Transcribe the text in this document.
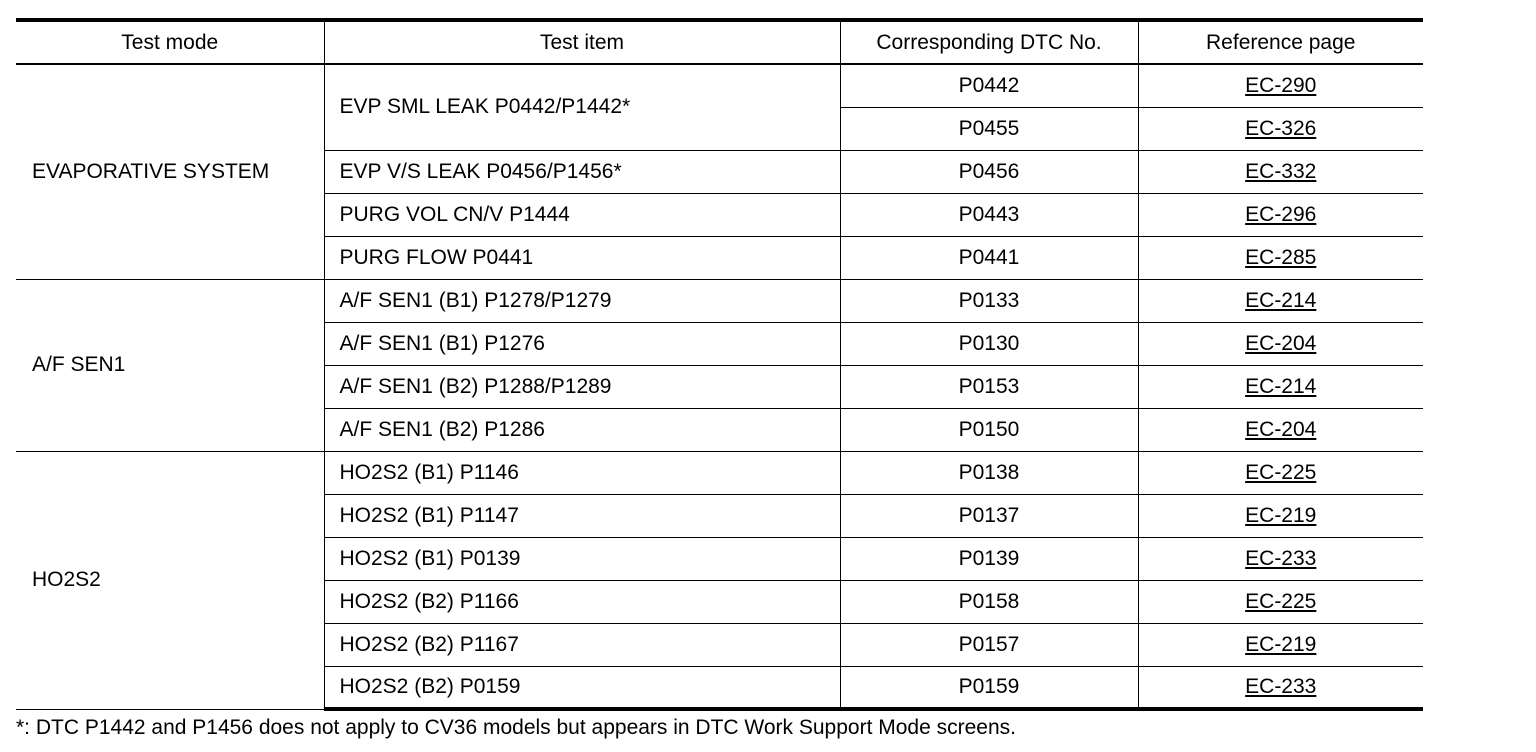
Test mode	Test item	Corresponding DTC No.	Reference page
EVAPORATIVE SYSTEM	EVP SML LEAK P0442/P1442*	P0442	EC-290
		P0455	EC-326
	EVP V/S LEAK P0456/P1456*	P0456	EC-332
	PURG VOL CN/V P1444	P0443	EC-296
	PURG FLOW P0441	P0441	EC-285
A/F SEN1	A/F SEN1 (B1) P1278/P1279	P0133	EC-214
	A/F SEN1 (B1) P1276	P0130	EC-204
	A/F SEN1 (B2) P1288/P1289	P0153	EC-214
	A/F SEN1 (B2) P1286	P0150	EC-204
HO2S2	HO2S2 (B1) P1146	P0138	EC-225
	HO2S2 (B1) P1147	P0137	EC-219
	HO2S2 (B1) P0139	P0139	EC-233
	HO2S2 (B2) P1166	P0158	EC-225
	HO2S2 (B2) P1167	P0157	EC-219
	HO2S2 (B2) P0159	P0159	EC-233
*: DTC P1442 and P1456 does not apply to CV36 models but appears in DTC Work Support Mode screens.
